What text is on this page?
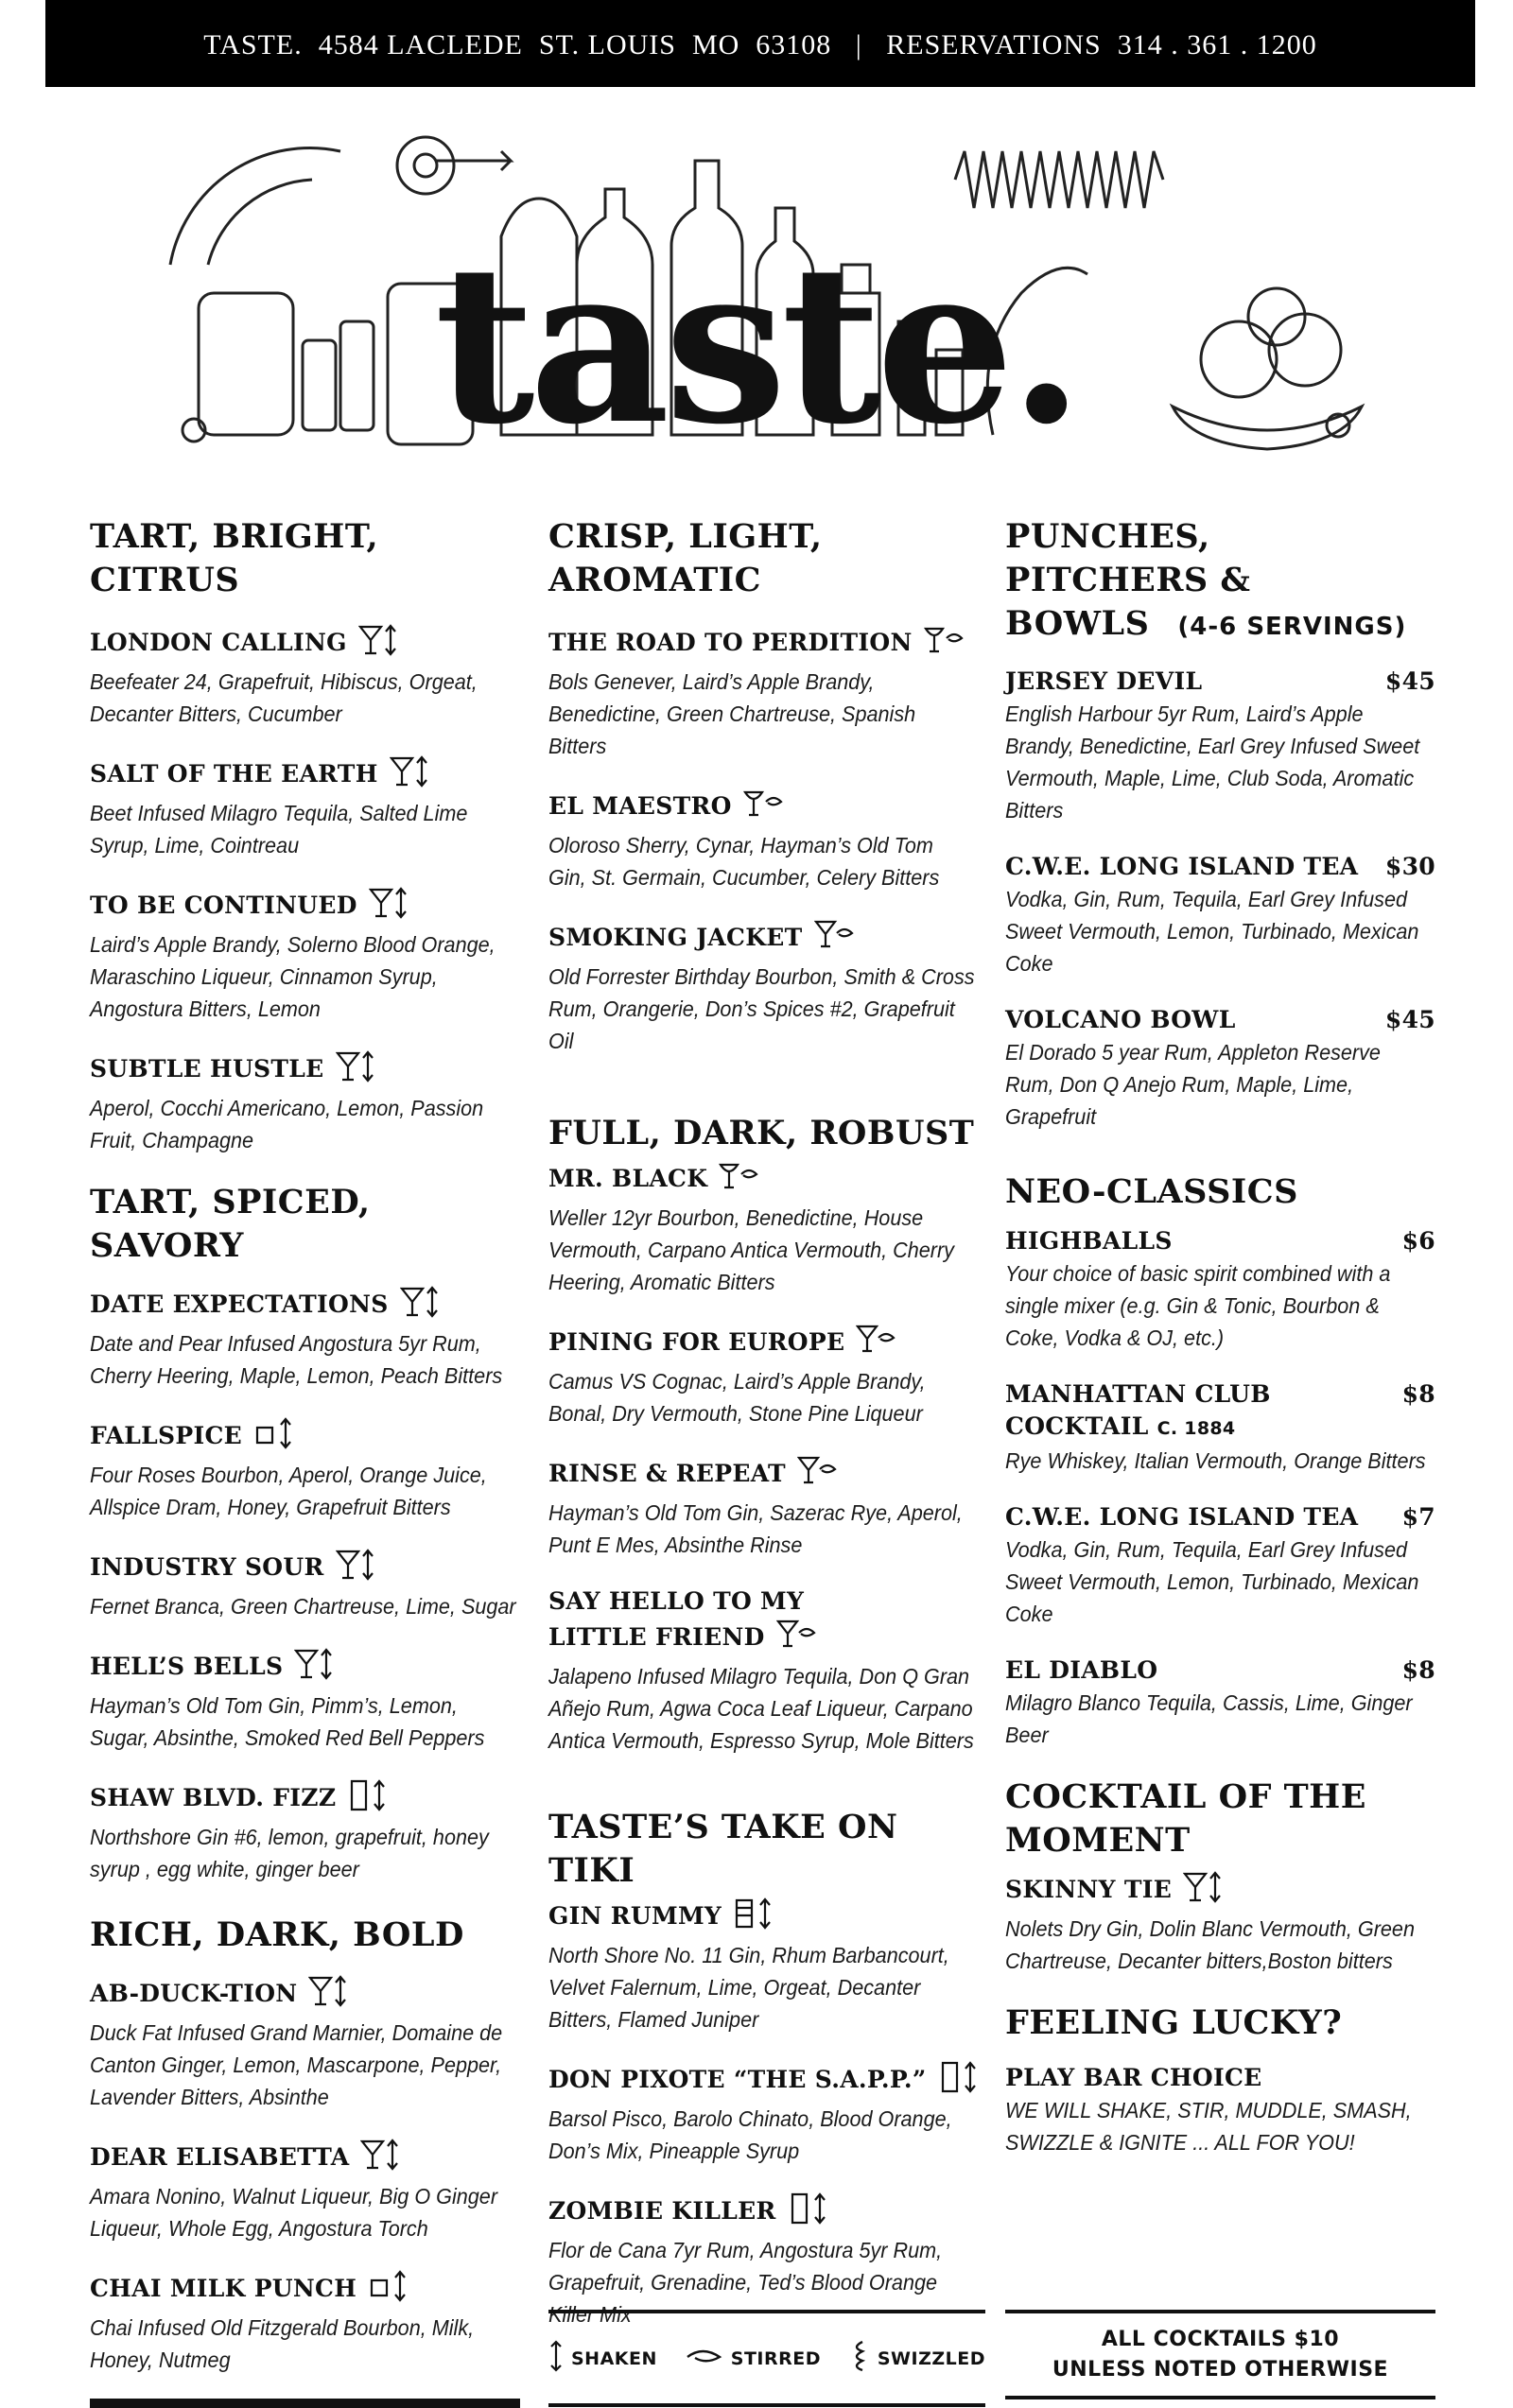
TASTE.  4584 LACLEDE  ST. LOUIS  MO  63108   |   RESERVATIONS  314 . 361 . 1200
taste.
TART, BRIGHT, CITRUS
LONDON CALLING
Beefeater 24, Grapefruit, Hibiscus, Orgeat, Decanter Bitters, Cucumber
SALT OF THE EARTH
Beet Infused Milagro Tequila, Salted Lime Syrup, Lime, Cointreau
TO BE CONTINUED
Laird’s Apple Brandy, Solerno Blood Orange, Maraschino Liqueur, Cinnamon Syrup, Angostura Bitters, Lemon
SUBTLE HUSTLE
Aperol, Cocchi Americano, Lemon, Passion Fruit, Champagne
TART, SPICED, SAVORY
DATE EXPECTATIONS
Date and Pear Infused Angostura 5yr Rum, Cherry Heering, Maple, Lemon, Peach Bitters
FALLSPICE
Four Roses Bourbon, Aperol, Orange Juice, Allspice Dram, Honey, Grapefruit Bitters
INDUSTRY SOUR
Fernet Branca, Green Chartreuse, Lime, Sugar
HELL’S BELLS
Hayman’s Old Tom Gin, Pimm’s, Lemon, Sugar, Absinthe, Smoked Red Bell Peppers
SHAW BLVD. FIZZ
Northshore Gin #6, lemon, grapefruit, honey syrup , egg white, ginger beer
RICH, DARK, BOLD
AB-DUCK-TION
Duck Fat Infused Grand Marnier, Domaine de Canton Ginger, Lemon, Mascarpone, Pepper, Lavender Bitters, Absinthe
DEAR ELISABETTA
Amara Nonino, Walnut Liqueur, Big O Ginger Liqueur, Whole Egg, Angostura Torch
CHAI MILK PUNCH
Chai Infused Old Fitzgerald Bourbon, Milk, Honey, Nutmeg
CRISP, LIGHT, AROMATIC
THE ROAD TO PERDITION
Bols Genever, Laird’s Apple Brandy, Benedictine, Green Chartreuse, Spanish Bitters
EL MAESTRO
Oloroso Sherry, Cynar, Hayman’s Old Tom Gin, St. Germain, Cucumber, Celery Bitters
SMOKING JACKET
Old Forrester Birthday Bourbon, Smith & Cross Rum, Orangerie, Don’s Spices #2, Grapefruit Oil
FULL, DARK, ROBUST
MR. BLACK
Weller 12yr Bourbon, Benedictine, House Vermouth, Carpano Antica Vermouth, Cherry Heering, Aromatic Bitters
PINING FOR EUROPE
Camus VS Cognac, Laird’s Apple Brandy, Bonal, Dry Vermouth, Stone Pine Liqueur
RINSE & REPEAT
Hayman’s Old Tom Gin, Sazerac Rye, Aperol, Punt E Mes, Absinthe Rinse
SAY HELLO TO MY LITTLE FRIEND
Jalapeno Infused Milagro Tequila, Don Q Gran Añejo Rum, Agwa Coca Leaf Liqueur, Carpano Antica Vermouth, Espresso Syrup, Mole Bitters
TASTE’S TAKE ON TIKI
GIN RUMMY
North Shore No. 11 Gin, Rhum Barbancourt, Velvet Falernum, Lime, Orgeat, Decanter Bitters, Flamed Juniper
DON PIXOTE “THE S.A.P.P.”
Barsol Pisco, Barolo Chinato, Blood Orange, Don’s Mix, Pineapple Syrup
ZOMBIE KILLER
Flor de Cana 7yr Rum, Angostura 5yr Rum, Grapefruit, Grenadine, Ted’s Blood Orange Killer Mix
PUNCHES, PITCHERS & BOWLS (4-6 SERVINGS)
JERSEY DEVIL	$45
English Harbour 5yr Rum, Laird’s Apple Brandy, Benedictine, Earl Grey Infused Sweet Vermouth, Maple, Lime, Club Soda, Aromatic Bitters
C.W.E. LONG ISLAND TEA $30
Vodka, Gin, Rum, Tequila, Earl Grey Infused Sweet Vermouth, Lemon, Turbinado, Mexican Coke
VOLCANO BOWL	$45
El Dorado 5 year Rum, Appleton Reserve Rum, Don Q Anejo Rum, Maple, Lime, Grapefruit
NEO-CLASSICS
HIGHBALLS	$6
Your choice of basic spirit combined with a single mixer (e.g. Gin & Tonic, Bourbon & Coke, Vodka & OJ, etc.)
MANHATTAN CLUB COCKTAIL C. 1884
$8
Rye Whiskey, Italian Vermouth, Orange Bitters
C.W.E. LONG ISLAND TEA $7
Vodka, Gin, Rum, Tequila, Earl Grey Infused Sweet Vermouth, Lemon, Turbinado, Mexican Coke
EL DIABLO	$8
Milagro Blanco Tequila, Cassis, Lime, Ginger Beer
COCKTAIL OF THE MOMENT
SKINNY TIE
Nolets Dry Gin, Dolin Blanc Vermouth, Green Chartreuse, Decanter bitters,Boston bitters
FEELING LUCKY?
PLAY BAR CHOICE
WE WILL SHAKE, STIR, MUDDLE, SMASH, SWIZZLE & IGNITE ... ALL FOR YOU!
SHAKEN	STIRRED	SWIZZLED
ALL COCKTAILS $10
UNLESS NOTED OTHERWISE
